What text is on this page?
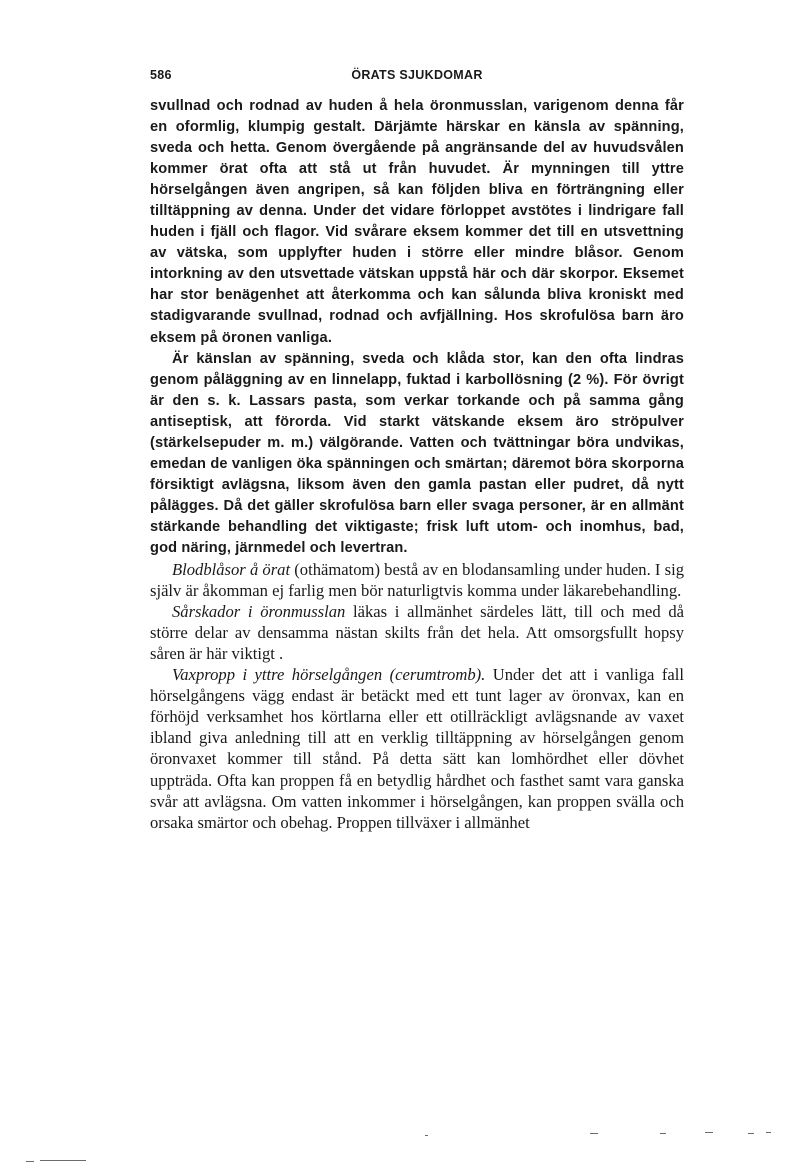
586	ÖRATS SJUKDOMAR

svullnad och rodnad av huden å hela öronmusslan, varigenom denna får en oformlig, klumpig gestalt. Därjämte härskar en känsla av spänning, sveda och hetta. Genom övergående på angränsande del av huvudsvålen kommer örat ofta att stå ut från huvudet. Är mynningen till yttre hörselgången även angripen, så kan följden bliva en förträngning eller tilltäppning av denna. Under det vidare förloppet avstötes i lindrigare fall huden i fjäll och flagor. Vid svårare eksem kommer det till en utsvettning av vätska, som upplyfter huden i större eller mindre blåsor. Genom intorkning av den utsvettade vätskan uppstå här och där skorpor. Eksemet har stor benägenhet att återkomma och kan sålunda bliva kroniskt med stadigvarande svullnad, rodnad och avfjällning. Hos skrofulösa barn äro eksem på öronen vanliga.

Är känslan av spänning, sveda och klåda stor, kan den ofta lindras genom påläggning av en linnelapp, fuktad i karbollösning (2 %). För övrigt är den s. k. Lassars pasta, som verkar torkande och på samma gång antiseptisk, att förorda. Vid starkt vätskande eksem äro ströpulver (stärkelsepuder m. m.) välgörande. Vatten och tvättningar böra undvikas, emedan de vanligen öka spänningen och smärtan; däremot böra skorporna försiktigt avlägsna, liksom även den gamla pastan eller pudret, då nytt pålägges. Då det gäller skrofulösa barn eller svaga personer, är en allmänt stärkande behandling det viktigaste; frisk luft utom- och inomhus, bad, god näring, järnmedel och levertran.

Blodblåsor å örat (othämatom) bestå av en blodansamling under huden. I sig själv är åkomman ej farlig men bör naturligtvis komma under läkarebehandling.

Sårskador i öronmusslan läkas i allmänhet särdeles lätt, till och med då större delar av densamma nästan skilts från det hela. Att omsorgsfullt hopsy såren är här viktigt .

Vaxpropp i yttre hörselgången (cerumtromb). Under det att i vanliga fall hörselgångens vägg endast är betäckt med ett tunt lager av öronvax, kan en förhöjd verksamhet hos körtlarna eller ett otillräckligt avlägsnande av vaxet ibland giva anledning till att en verklig tilltäppning av hörselgången genom öronvaxet kommer till stånd. På detta sätt kan lomhördhet eller dövhet uppträda. Ofta kan proppen få en betydlig hårdhet och fasthet samt vara ganska svår att avlägsna. Om vatten inkommer i hörselgången, kan proppen svälla och orsaka smärtor och obehag. Proppen tillväxer i allmänhet
